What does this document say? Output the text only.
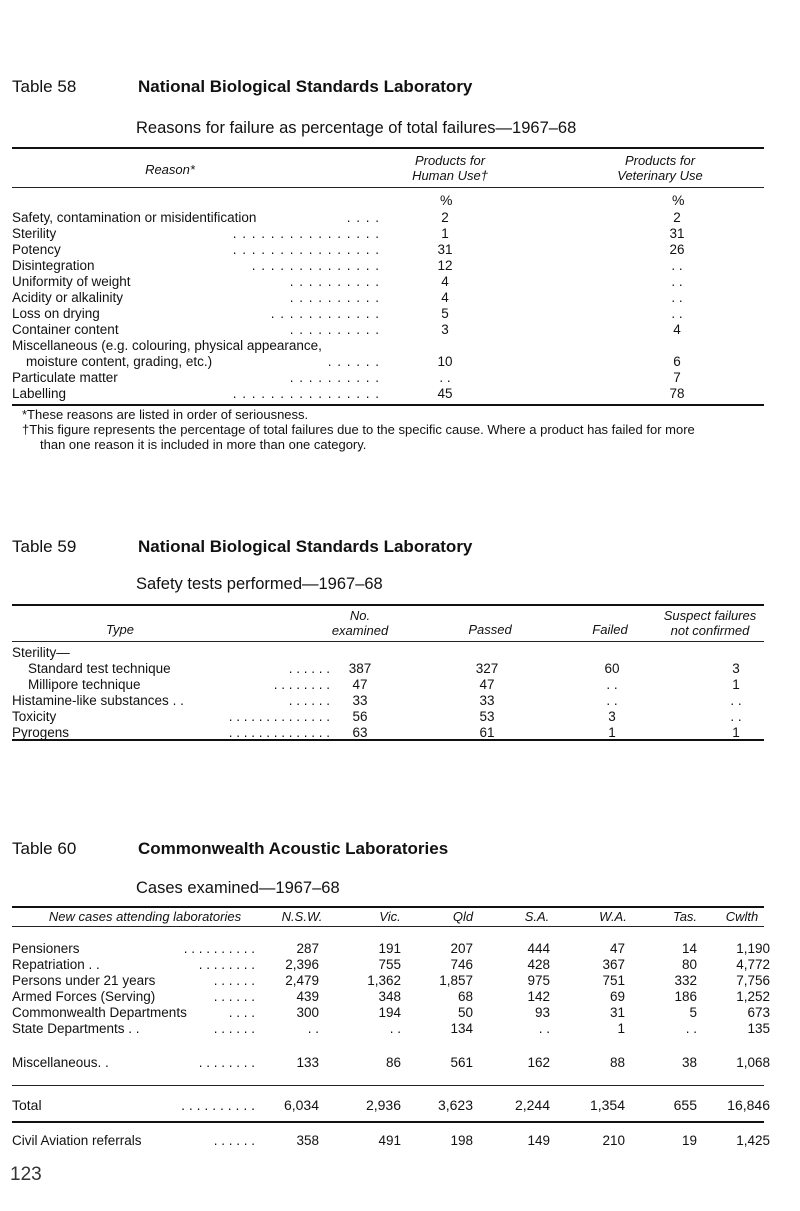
Table 58	National Biological Standards Laboratory
Reasons for failure as percentage of total failures—1967–68
Reason*
Products for
Human Use†
Products for
Veterinary Use
%	%
Safety, contamination or misidentification	. . . .	2	2
Sterility	. . . . . . . . . . . . . . . .	1	31
Potency	. . . . . . . . . . . . . . . .	31	26
Disintegration	. . . . . . . . . . . . . .	12	. .
Uniformity of weight	. . . . . . . . . .	4	. .
Acidity or alkalinity	. . . . . . . . . .	4	. .
Loss on drying	. . . . . . . . . . . .	5	. .
Container content	. . . . . . . . . .	3	4
Miscellaneous (e.g. colouring, physical appearance,
moisture content, grading, etc.)	. . . . . .	10	6
Particulate matter	. . . . . . . . . .	. .	7
Labelling	. . . . . . . . . . . . . . . .	45	78
*These reasons are listed in order of seriousness.
†This figure represents the percentage of total failures due to the specific cause. Where a product has failed for more
than one reason it is included in more than one category.
Table 59	National Biological Standards Laboratory
Safety tests performed—1967–68
Type
No.
examined	Passed	Failed
Suspect failures
not confirmed
Sterility—
Standard test technique	. . . . . .	387	327	60	3
Millipore technique	. . . . . . . .	47	47	. .	1
Histamine-like substances . .	. . . . . .	33	33	. .	. .
Toxicity	. . . . . . . . . . . . . .	56	53	3	. .
Pyrogens	. . . . . . . . . . . . . .	63	61	1	1
Table 60	Commonwealth Acoustic Laboratories
Cases examined—1967–68
New cases attending laboratories	N.S.W.	Vic.	Qld	S.A.	W.A.	Tas.	Cwlth
Pensioners	. . . . . . . . . .	287	191	207	444	47	14	1,190
Repatriation . .	. . . . . . . .	2,396	755	746	428	367	80	4,772
Persons under 21 years	. . . . . .	2,479	1,362	1,857	975	751	332	7,756
Armed Forces (Serving)	. . . . . .	439	348	68	142	69	186	1,252
Commonwealth Departments	. . . .	300	194	50	93	31	5	673
State Departments . .	. . . . . .	. .	. .	134	. .	1	. .	135
Miscellaneous. .	. . . . . . . .	133	86	561	162	88	38	1,068
Total	. . . . . . . . . .	6,034	2,936	3,623	2,244	1,354	655	16,846
Civil Aviation referrals	. . . . . .	358	491	198	149	210	19	1,425
123
